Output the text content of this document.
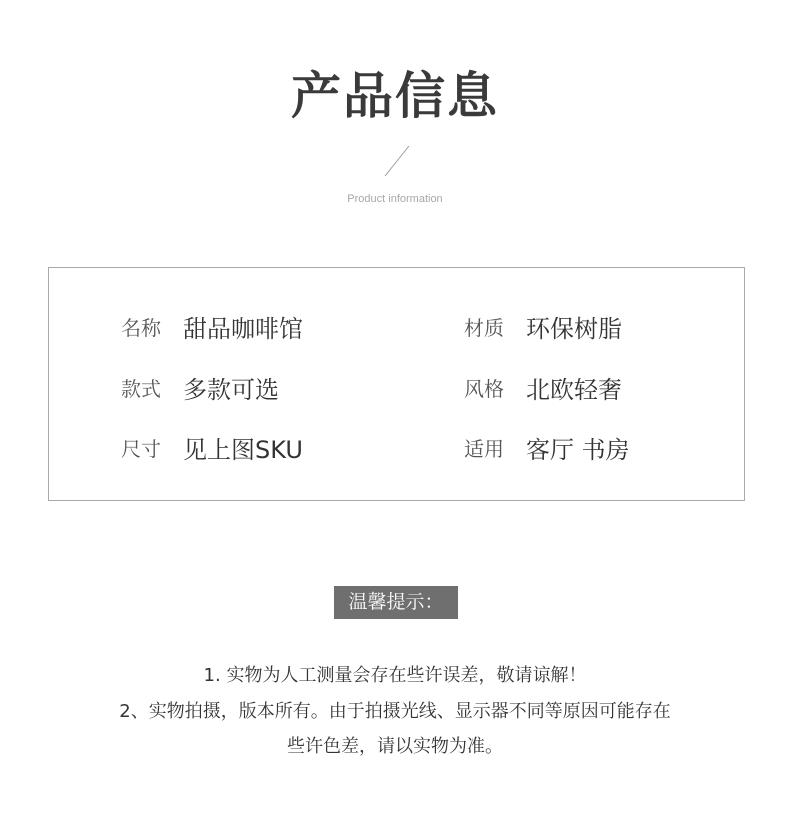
产品信息
Product information
名称 甜品咖啡馆	材质 环保树脂
款式 多款可选	风格 北欧轻奢
尺寸 见上图SKU	适用 客厅 书房
温馨提示：
1. 实物为人工测量会存在些许误差，敬请谅解！
2、实物拍摄，版本所有。由于拍摄光线、显示器不同等原因可能存在
些许色差，请以实物为准。
